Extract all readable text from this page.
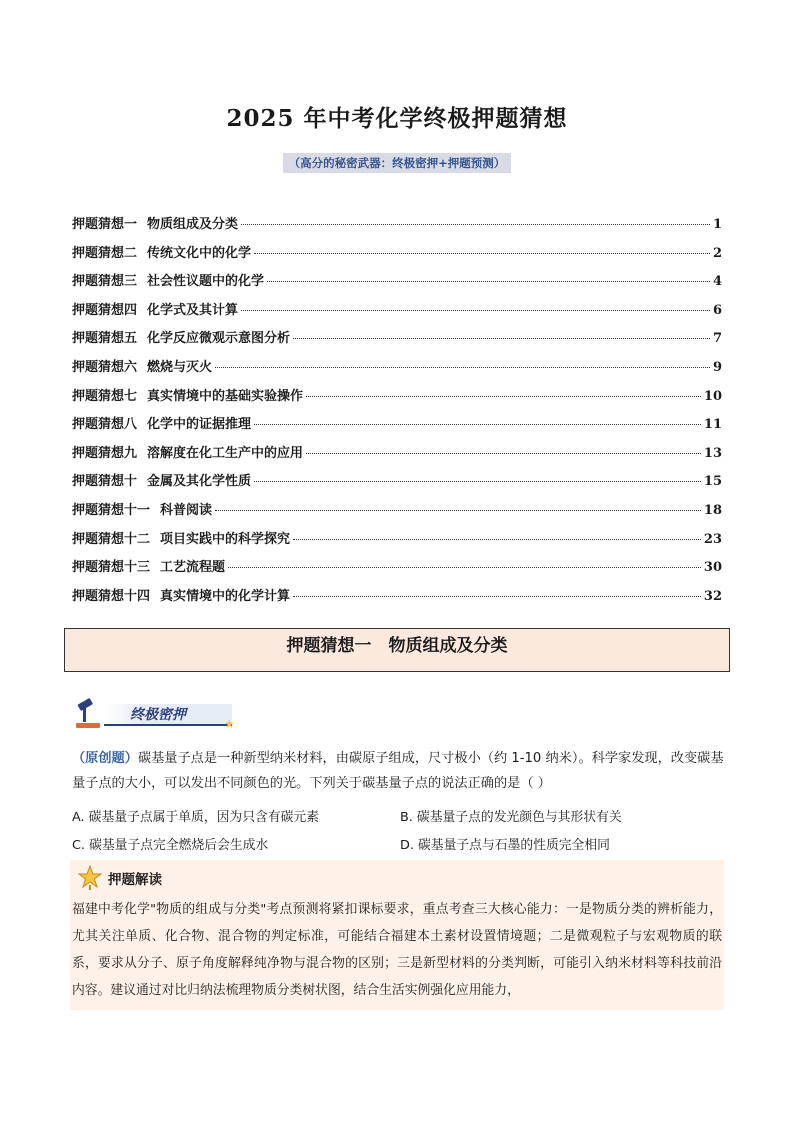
2025 年中考化学终极押题猜想
（高分的秘密武器：终极密押+押题预测）
押题猜想一 物质组成及分类	1
押题猜想二 传统文化中的化学	2
押题猜想三 社会性议题中的化学	4
押题猜想四 化学式及其计算	6
押题猜想五 化学反应微观示意图分析	7
押题猜想六 燃烧与灭火	9
押题猜想七 真实情境中的基础实验操作	10
押题猜想八 化学中的证据推理	11
押题猜想九 溶解度在化工生产中的应用	13
押题猜想十 金属及其化学性质	15
押题猜想十一 科普阅读	18
押题猜想十二 项目实践中的科学探究	23
押题猜想十三 工艺流程题	30
押题猜想十四 真实情境中的化学计算	32
押题猜想一　物质组成及分类
终极密押
★
（原创题）碳基量子点是一种新型纳米材料，由碳原子组成，尺寸极小（约 1-10 纳米）。科学家发现，改变碳基量子点的大小，可以发出不同颜色的光。下列关于碳基量子点的说法正确的是（ ）
A. 碳基量子点属于单质，因为只含有碳元素	B. 碳基量子点的发光颜色与其形状有关
C. 碳基量子点完全燃烧后会生成水	D. 碳基量子点与石墨的性质完全相同
押题解读
福建中考化学"物质的组成与分类"考点预测将紧扣课标要求，重点考查三大核心能力：一是物质分类的辨析能力，尤其关注单质、化合物、混合物的判定标准，可能结合福建本土素材设置情境题；二是微观粒子与宏观物质的联系，要求从分子、原子角度解释纯净物与混合物的区别；三是新型材料的分类判断，可能引入纳米材料等科技前沿内容。建议通过对比归纳法梳理物质分类树状图，结合生活实例强化应用能力，
